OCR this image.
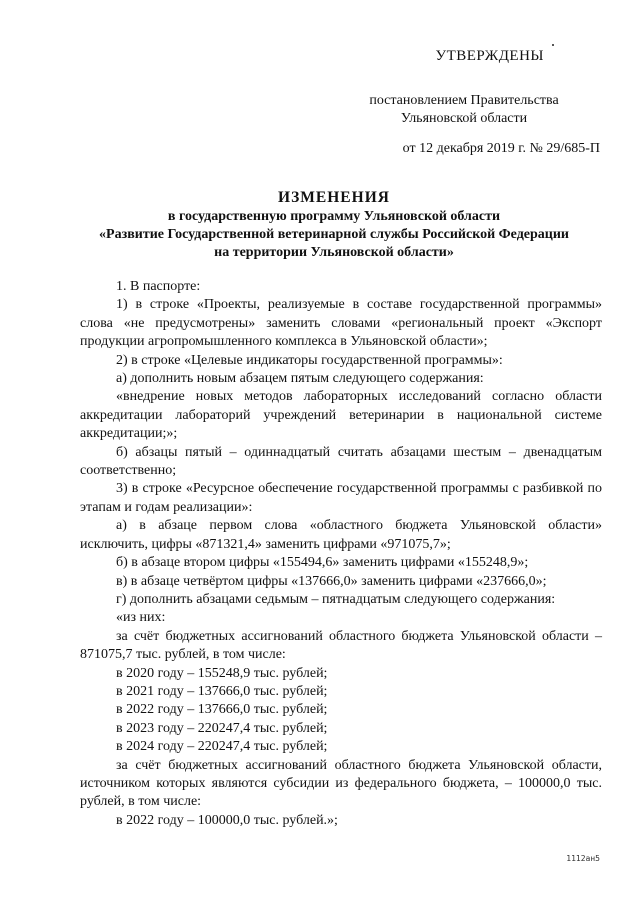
УТВЕРЖДЕНЫ
постановлением Правительства
Ульяновской области
от 12 декабря 2019 г. № 29/685-П
ИЗМЕНЕНИЯ
в государственную программу Ульяновской области
«Развитие Государственной ветеринарной службы Российской Федерации
на территории Ульяновской области»

1. В паспорте:

1) в строке «Проекты, реализуемые в составе государственной программы» слова «не предусмотрены» заменить словами «региональный проект «Экспорт продукции агропромышленного комплекса в Ульяновской области»;

2) в строке «Целевые индикаторы государственной программы»:

а) дополнить новым абзацем пятым следующего содержания:

«внедрение новых методов лабораторных исследований согласно области аккредитации лабораторий учреждений ветеринарии в национальной системе аккредитации;»;

б) абзацы пятый – одиннадцатый считать абзацами шестым – двенадцатым соответственно;

3) в строке «Ресурсное обеспечение государственной программы с разбивкой по этапам и годам реализации»:

а) в абзаце первом слова «областного бюджета Ульяновской области» исключить, цифры «871321,4» заменить цифрами «971075,7»;

б) в абзаце втором цифры «155494,6» заменить цифрами «155248,9»;

в) в абзаце четвёртом цифры «137666,0» заменить цифрами «237666,0»;

г) дополнить абзацами седьмым – пятнадцатым следующего содержания:

«из них:

за счёт бюджетных ассигнований областного бюджета Ульяновской области – 871075,7 тыс. рублей, в том числе:

в 2020 году – 155248,9 тыс. рублей;

в 2021 году – 137666,0 тыс. рублей;

в 2022 году – 137666,0 тыс. рублей;

в 2023 году – 220247,4 тыс. рублей;

в 2024 году – 220247,4 тыс. рублей;

за счёт бюджетных ассигнований областного бюджета Ульяновской области, источником которых являются субсидии из федерального бюджета, – 100000,0 тыс. рублей, в том числе:

в 2022 году – 100000,0 тыс. рублей.»;

1112ан5
